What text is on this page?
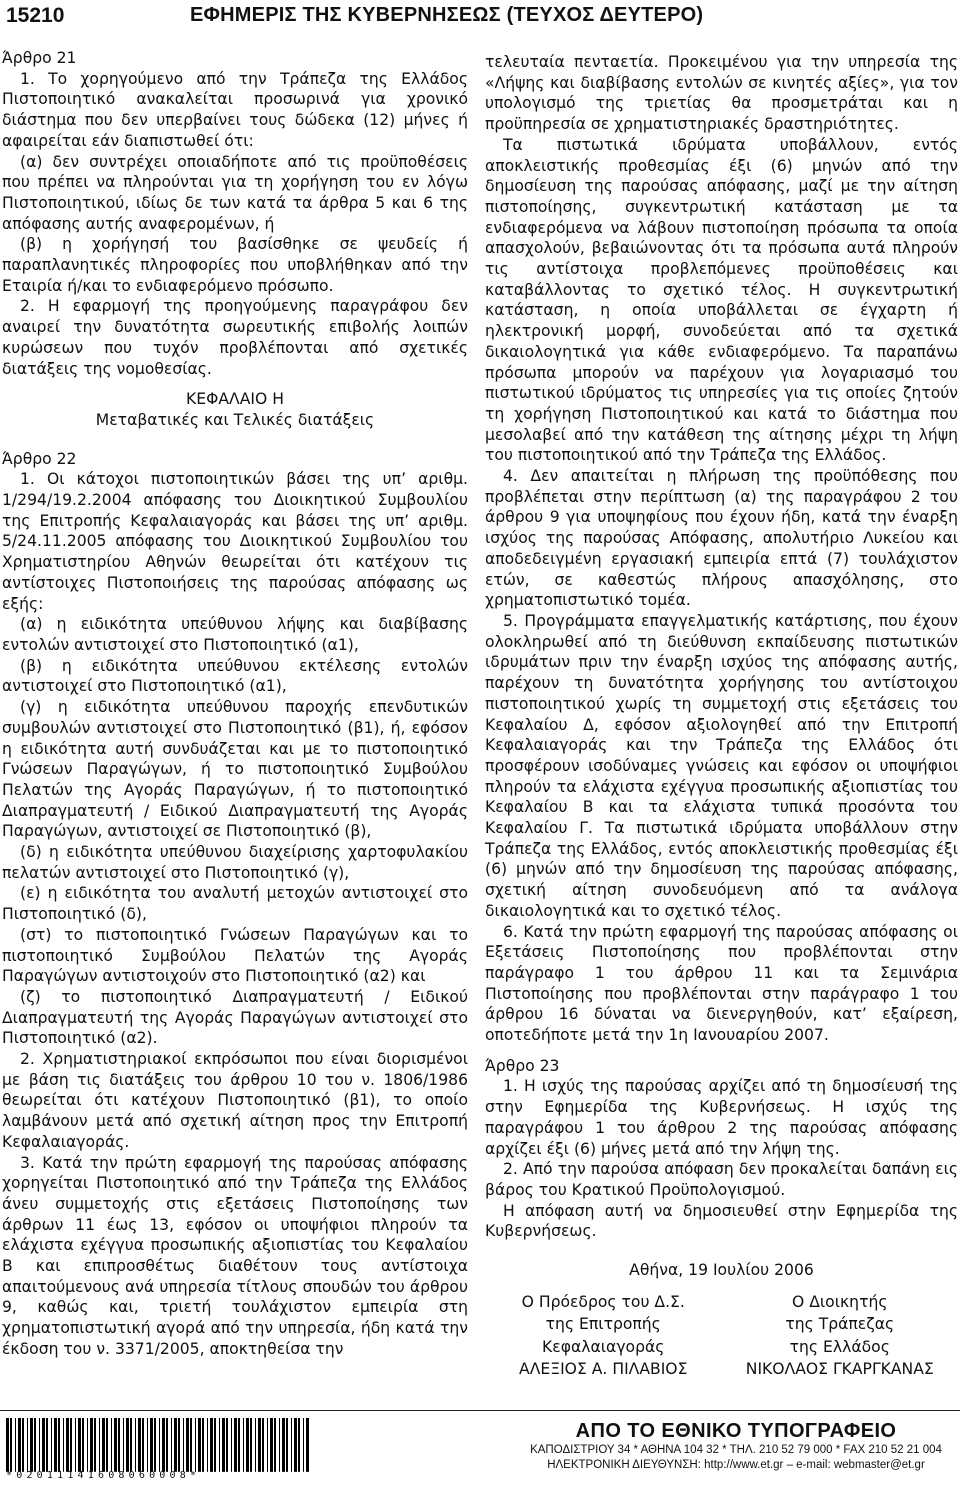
15210	ΕΦΗΜΕΡΙΣ ΤΗΣ ΚΥΒΕΡΝΗΣΕΩΣ (ΤΕΥΧΟΣ ΔΕΥΤΕΡΟ)

Άρθρο 21

1. Το χορηγούμενο από την Τράπεζα της Ελλάδος Πιστοποιητικό ανακαλείται προσωρινά για χρονικό διάστημα που δεν υπερβαίνει τους δώδεκα (12) μήνες ή αφαιρείται εάν διαπιστωθεί ότι:

(α) δεν συντρέχει οποιαδήποτε από τις προϋποθέσεις που πρέπει να πληρούνται για τη χορήγηση του εν λόγω Πιστοποιητικού, ιδίως δε των κατά τα άρθρα 5 και 6 της απόφασης αυτής αναφερομένων, ή

(β) η χορήγησή του βασίσθηκε σε ψευδείς ή παραπλανητικές πληροφορίες που υποβλήθηκαν από την Εταιρία ή/και το ενδιαφερόμενο πρόσωπο.

2. Η εφαρμογή της προηγούμενης παραγράφου δεν αναιρεί την δυνατότητα σωρευτικής επιβολής λοιπών κυρώσεων που τυχόν προβλέπονται από σχετικές διατάξεις της νομοθεσίας.

ΚΕΦΑΛΑΙΟ Η

Μεταβατικές και Τελικές διατάξεις

Άρθρο 22

1. Οι κάτοχοι πιστοποιητικών βάσει της υπ’ αριθμ. 1/294/19.2.2004 απόφασης του Διοικητικού Συμβουλίου της Επιτροπής Κεφαλαιαγοράς και βάσει της υπ’ αριθμ. 5/24.11.2005 απόφασης του Διοικητικού Συμβουλίου του Χρηματιστηρίου Αθηνών θεωρείται ότι κατέχουν τις αντίστοιχες Πιστοποιήσεις της παρούσας απόφασης ως εξής:

(α) η ειδικότητα υπεύθυνου λήψης και διαβίβασης εντολών αντιστοιχεί στο Πιστοποιητικό (α1),

(β) η ειδικότητα υπεύθυνου εκτέλεσης εντολών αντιστοιχεί στο Πιστοποιητικό (α1),

(γ) η ειδικότητα υπεύθυνου παροχής επενδυτικών συμβουλών αντιστοιχεί στο Πιστοποιητικό (β1), ή, εφόσον η ειδικότητα αυτή συνδυάζεται και με το πιστοποιητικό Γνώσεων Παραγώγων, ή το πιστοποιητικό Συμβούλου Πελατών της Αγοράς Παραγώγων, ή το πιστοποιητικό Διαπραγματευτή / Ειδικού Διαπραγματευτή της Αγοράς Παραγώγων, αντιστοιχεί σε Πιστοποιητικό (β),

(δ) η ειδικότητα υπεύθυνου διαχείρισης χαρτοφυλακίου πελατών αντιστοιχεί στο Πιστοποιητικό (γ),

(ε) η ειδικότητα του αναλυτή μετοχών αντιστοιχεί στο Πιστοποιητικό (δ),

(στ) το πιστοποιητικό Γνώσεων Παραγώγων και το πιστοποιητικό Συμβούλου Πελατών της Αγοράς Παραγώγων αντιστοιχούν στο Πιστοποιητικό (α2) και

(ζ) το πιστοποιητικό Διαπραγματευτή / Ειδικού Διαπραγματευτή της Αγοράς Παραγώγων αντιστοιχεί στο Πιστοποιητικό (α2).

2. Χρηματιστηριακοί εκπρόσωποι που είναι διορισμένοι με βάση τις διατάξεις του άρθρου 10 του ν. 1806/1986 θεωρείται ότι κατέχουν Πιστοποιητικό (β1), το οποίο λαμβάνουν μετά από σχετική αίτηση προς την Επιτροπή Κεφαλαιαγοράς.

3. Κατά την πρώτη εφαρμογή της παρούσας απόφασης χορηγείται Πιστοποιητικό από την Τράπεζα της Ελλάδος άνευ συμμετοχής στις εξετάσεις Πιστοποίησης των άρθρων 11 έως 13, εφόσον οι υποψήφιοι πληρούν τα ελάχιστα εχέγγυα προσωπικής αξιοπιστίας του Κεφαλαίου Β και επιπροσθέτως διαθέτουν τους αντίστοιχα απαιτούμενους ανά υπηρεσία τίτλους σπουδών του άρθρου 9, καθώς και, τριετή τουλάχιστον εμπειρία στη χρηματοπιστωτική αγορά από την υπηρεσία, ήδη κατά την έκδοση του ν. 3371/2005, αποκτηθείσα την

τελευταία πενταετία. Προκειμένου για την υπηρεσία της «Λήψης και διαβίβασης εντολών σε κινητές αξίες», για τον υπολογισμό της τριετίας θα προσμετράται και η προϋπηρεσία σε χρηματιστηριακές δραστηριότητες.

Τα πιστωτικά ιδρύματα υποβάλλουν, εντός αποκλειστικής προθεσμίας έξι (6) μηνών από την δημοσίευση της παρούσας απόφασης, μαζί με την αίτηση πιστοποίησης, συγκεντρωτική κατάσταση με τα ενδιαφερόμενα να λάβουν πιστοποίηση πρόσωπα τα οποία απασχολούν, βεβαιώνοντας ότι τα πρόσωπα αυτά πληρούν τις αντίστοιχα προβλεπόμενες προϋποθέσεις και καταβάλλοντας το σχετικό τέλος. Η συγκεντρωτική κατάσταση, η οποία υποβάλλεται σε έγχαρτη ή ηλεκτρονική μορφή, συνοδεύεται από τα σχετικά δικαιολογητικά για κάθε ενδιαφερόμενο. Τα παραπάνω πρόσωπα μπορούν να παρέχουν για λογαριασμό του πιστωτικού ιδρύματος τις υπηρεσίες για τις οποίες ζητούν τη χορήγηση Πιστοποιητικού και κατά το διάστημα που μεσολαβεί από την κατάθεση της αίτησης μέχρι τη λήψη του πιστοποιητικού από την Τράπεζα της Ελλάδος.

4. Δεν απαιτείται η πλήρωση της προϋπόθεσης που προβλέπεται στην περίπτωση (α) της παραγράφου 2 του άρθρου 9 για υποψηφίους που έχουν ήδη, κατά την έναρξη ισχύος της παρούσας Απόφασης, απολυτήριο Λυκείου και αποδεδειγμένη εργασιακή εμπειρία επτά (7) τουλάχιστον ετών, σε καθεστώς πλήρους απασχόλησης, στο χρηματοπιστωτικό τομέα.

5. Προγράμματα επαγγελματικής κατάρτισης, που έχουν ολοκληρωθεί από τη διεύθυνση εκπαίδευσης πιστωτικών ιδρυμάτων πριν την έναρξη ισχύος της απόφασης αυτής, παρέχουν τη δυνατότητα χορήγησης του αντίστοιχου πιστοποιητικού χωρίς τη συμμετοχή στις εξετάσεις του Κεφαλαίου Δ, εφόσον αξιολογηθεί από την Επιτροπή Κεφαλαιαγοράς και την Τράπεζα της Ελλάδος ότι προσφέρουν ισοδύναμες γνώσεις και εφόσον οι υποψήφιοι πληρούν τα ελάχιστα εχέγγυα προσωπικής αξιοπιστίας του Κεφαλαίου Β και τα ελάχιστα τυπικά προσόντα του Κεφαλαίου Γ. Τα πιστωτικά ιδρύματα υποβάλλουν στην Τράπεζα της Ελλάδος, εντός αποκλειστικής προθεσμίας έξι (6) μηνών από την δημοσίευση της παρούσας απόφασης, σχετική αίτηση συνοδευόμενη από τα ανάλογα δικαιολογητικά και το σχετικό τέλος.

6. Κατά την πρώτη εφαρμογή της παρούσας απόφασης οι Εξετάσεις Πιστοποίησης που προβλέπονται στην παράγραφο 1 του άρθρου 11 και τα Σεμινάρια Πιστοποίησης που προβλέπονται στην παράγραφο 1 του άρθρου 16 δύναται να διενεργηθούν, κατ’ εξαίρεση, οποτεδήποτε μετά την 1η Ιανουαρίου 2007.

Άρθρο 23

1. Η ισχύς της παρούσας αρχίζει από τη δημοσίευσή της στην Εφημερίδα της Κυβερνήσεως. Η ισχύς της παραγράφου 1 του άρθρου 2 της παρούσας απόφασης αρχίζει έξι (6) μήνες μετά από την λήψη της.

2. Από την παρούσα απόφαση δεν προκαλείται δαπάνη εις βάρος του Κρατικού Προϋπολογισμού.

Η απόφαση αυτή να δημοσιευθεί στην Εφημερίδα της Κυβερνήσεως.

Αθήνα, 19 Ιουλίου 2006

Ο Πρόεδρος του Δ.Σ.
της Επιτροπής
Κεφαλαιαγοράς
ΑΛΕΞΙΟΣ Α. ΠΙΛΑΒΙΟΣ
Ο Διοικητής
της Τράπεζας
της Ελλάδος
ΝΙΚΟΛΑΟΣ ΓΚΑΡΓΚΑΝΑΣ
*02011141608060008*
ΑΠΟ ΤΟ ΕΘΝΙΚΟ ΤΥΠΟΓΡΑΦΕΙΟ
ΚΑΠΟΔΙΣΤΡΙΟΥ 34 * ΑΘΗΝΑ 104 32 * ΤΗΛ. 210 52 79 000 * FAX 210 52 21 004
ΗΛΕΚΤΡΟΝΙΚΗ ΔΙΕΥΘΥΝΣΗ: http://www.et.gr – e-mail: webmaster@et.gr
